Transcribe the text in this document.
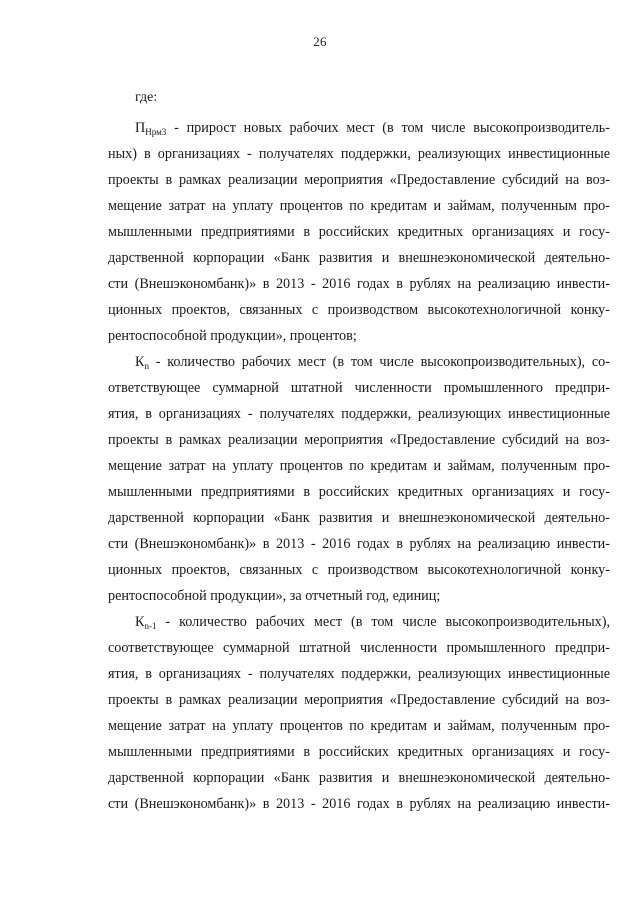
26
где:
$П_{Нрм3}$ - прирост новых рабочих мест (в том числе высокопроизводитель-
ных) в организациях - получателях поддержки, реализующих инвестиционные
проекты в рамках реализации мероприятия «Предоставление субсидий на воз-
мещение затрат на уплату процентов по кредитам и займам, полученным про-
мышленными предприятиями в российских кредитных организациях и госу-
дарственной корпорации «Банк развития и внешнеэкономической деятельно-
сти (Внешэкономбанк)» в 2013 - 2016 годах в рублях на реализацию инвести-
ционных проектов, связанных с производством высокотехнологичной конку-
рентоспособной продукции», процентов;
$К_n$ - количество рабочих мест (в том числе высокопроизводительных), со-
ответствующее суммарной штатной численности промышленного предпри-
ятия, в организациях - получателях поддержки, реализующих инвестиционные
проекты в рамках реализации мероприятия «Предоставление субсидий на воз-
мещение затрат на уплату процентов по кредитам и займам, полученным про-
мышленными предприятиями в российских кредитных организациях и госу-
дарственной корпорации «Банк развития и внешнеэкономической деятельно-
сти (Внешэкономбанк)» в 2013 - 2016 годах в рублях на реализацию инвести-
ционных проектов, связанных с производством высокотехнологичной конку-
рентоспособной продукции», за отчетный год, единиц;
$К_{n-1}$ - количество рабочих мест (в том числе высокопроизводительных),
соответствующее суммарной штатной численности промышленного предпри-
ятия, в организациях - получателях поддержки, реализующих инвестиционные
проекты в рамках реализации мероприятия «Предоставление субсидий на воз-
мещение затрат на уплату процентов по кредитам и займам, полученным про-
мышленными предприятиями в российских кредитных организациях и госу-
дарственной корпорации «Банк развития и внешнеэкономической деятельно-
сти (Внешэкономбанк)» в 2013 - 2016 годах в рублях на реализацию инвести-
